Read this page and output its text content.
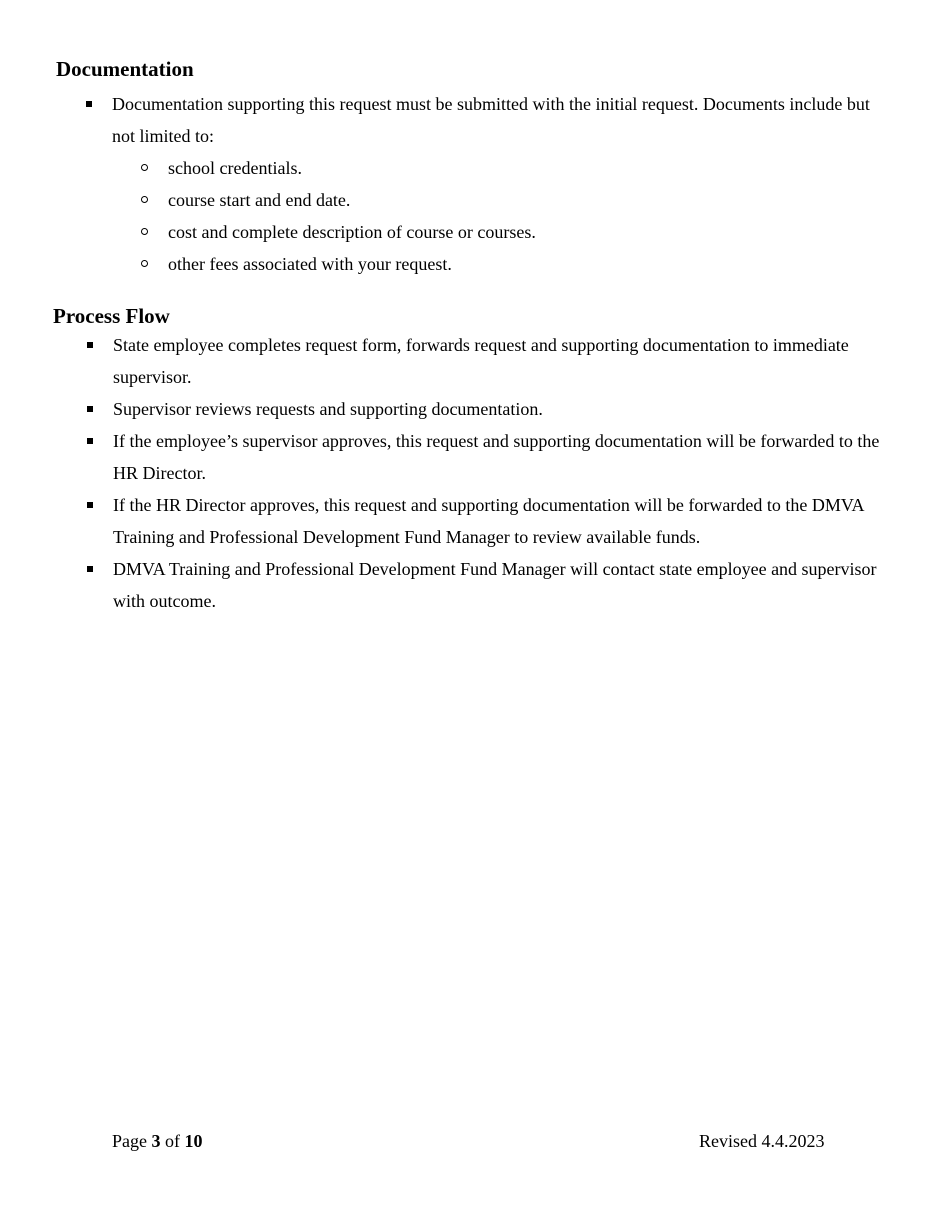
Documentation
Documentation supporting this request must be submitted with the initial request. Documents include but not limited to:
school credentials.
course start and end date.
cost and complete description of course or courses.
other fees associated with your request.
Process Flow
State employee completes request form, forwards request and supporting documentation to immediate supervisor.
Supervisor reviews requests and supporting documentation.
If the employee’s supervisor approves, this request and supporting documentation will be forwarded to the HR Director.
If the HR Director approves, this request and supporting documentation will be forwarded to the DMVA Training and Professional Development Fund Manager to review available funds.
DMVA Training and Professional Development Fund Manager will contact state employee and supervisor with outcome.
Page 3 of 10	Revised 4.4.2023
